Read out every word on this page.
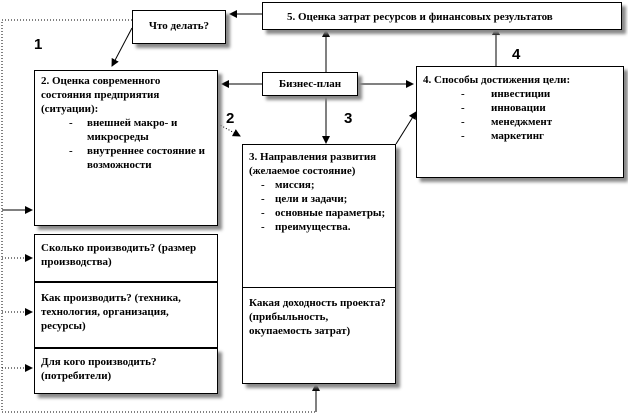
Что делать?
5. Оценка затрат ресурсов и финансовых результатов
Бизнес-план
2. Оценка современного состояния предприятия (ситуации):
- внешней макро- и микросреды
- внутреннее состояние и возможности
4. Способы достижения цели:
- инвестиции
- инновации
- менеджмент
- маркетинг
3. Направления развития (желаемое состояние)
- миссия;
- цели и задачи;
- основные параметры;
- преимущества.
Какая доходность проекта? (прибыльность, окупаемость затрат)
Сколько производить? (размер производства)
Как производить? (техника, технология, организация, ресурсы)
Для кого производить? (потребители)
1
2	3
4
